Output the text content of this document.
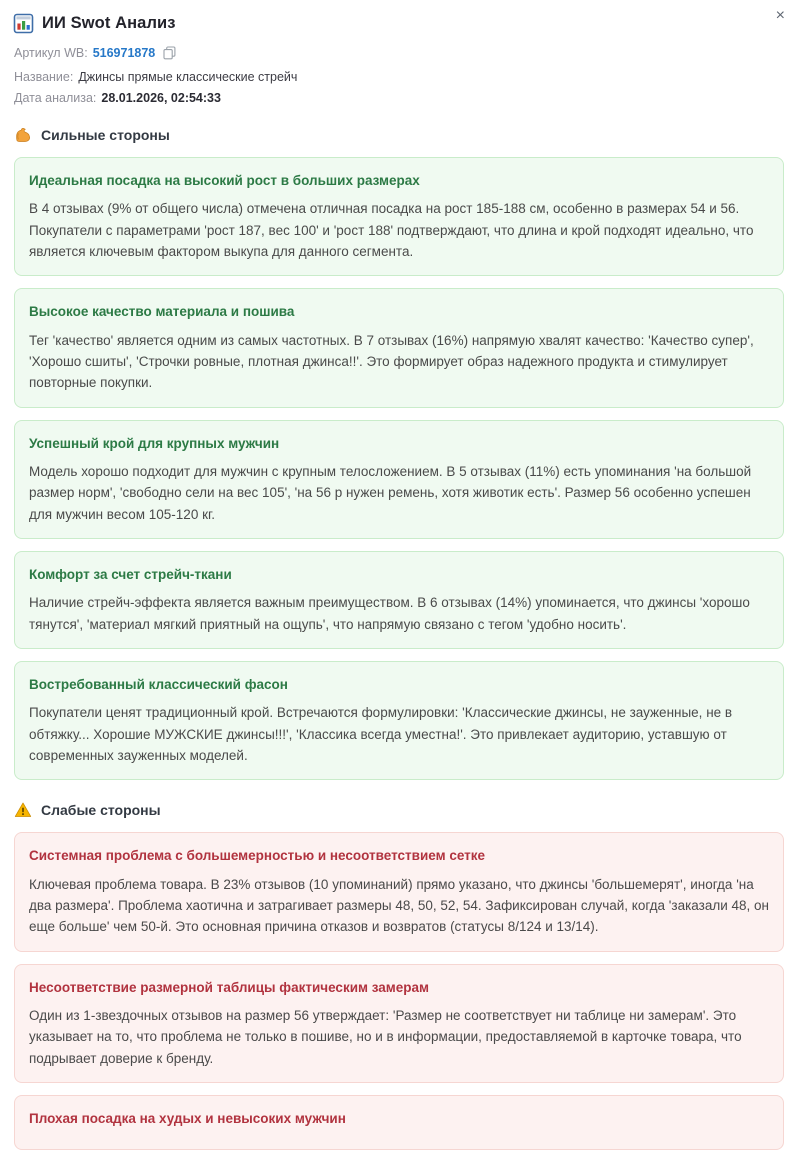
×
ИИ Swot Анализ
Артикул WB: 516971878
Название: Джинсы прямые классические стрейч
Дата анализа: 28.01.2026, 02:54:33
Сильные стороны

Идеальная посадка на высокий рост в больших размерах

В 4 отзывах (9% от общего числа) отмечена отличная посадка на рост 185-188 см, особенно в размерах 54 и 56. Покупатели с параметрами 'рост 187, вес 100' и 'рост 188' подтверждают, что длина и крой подходят идеально, что является ключевым фактором выкупа для данного сегмента.

Высокое качество материала и пошива

Тег 'качество' является одним из самых частотных. В 7 отзывах (16%) напрямую хвалят качество: 'Качество супер', 'Хорошо сшиты', 'Строчки ровные, плотная джинса!!'. Это формирует образ надежного продукта и стимулирует повторные покупки.

Успешный крой для крупных мужчин

Модель хорошо подходит для мужчин с крупным телосложением. В 5 отзывах (11%) есть упоминания 'на большой размер норм', 'свободно сели на вес 105', 'на 56 р нужен ремень, хотя животик есть'. Размер 56 особенно успешен для мужчин весом 105-120 кг.

Комфорт за счет стрейч-ткани

Наличие стрейч-эффекта является важным преимуществом. В 6 отзывах (14%) упоминается, что джинсы 'хорошо тянутся', 'материал мягкий приятный на ощупь', что напрямую связано с тегом 'удобно носить'.

Востребованный классический фасон

Покупатели ценят традиционный крой. Встречаются формулировки: 'Классические джинсы, не зауженные, не в обтяжку... Хорошие МУЖСКИЕ джинсы!!!', 'Классика всегда уместна!'. Это привлекает аудиторию, уставшую от современных зауженных моделей.

Слабые стороны

Системная проблема с большемерностью и несоответствием сетке

Ключевая проблема товара. В 23% отзывов (10 упоминаний) прямо указано, что джинсы 'большемерят', иногда 'на два размера'. Проблема хаотична и затрагивает размеры 48, 50, 52, 54. Зафиксирован случай, когда 'заказали 48, он еще больше' чем 50-й. Это основная причина отказов и возвратов (статусы 8/124 и 13/14).

Несоответствие размерной таблицы фактическим замерам

Один из 1-звездочных отзывов на размер 56 утверждает: 'Размер не соответствует ни таблице ни замерам'. Это указывает на то, что проблема не только в пошиве, но и в информации, предоставляемой в карточке товара, что подрывает доверие к бренду.

Плохая посадка на худых и невысоких мужчин
